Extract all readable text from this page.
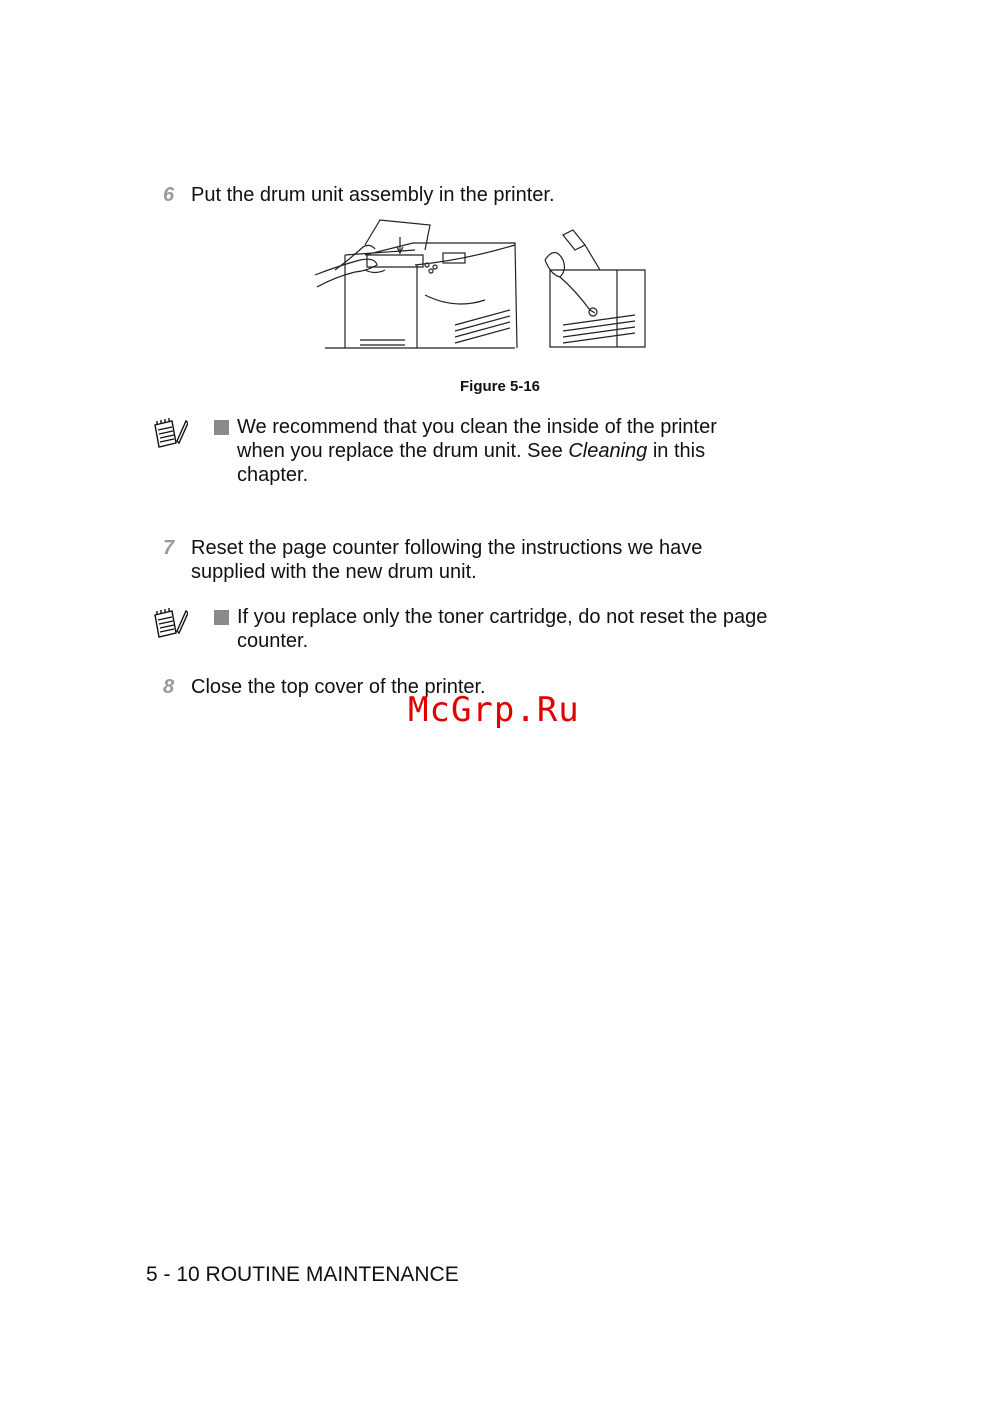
6 Put the drum unit assembly in the printer.
Figure 5-16
We recommend that you clean the inside of the printer
when you replace the drum unit. See Cleaning in this
chapter.
7 Reset the page counter following the instructions we have
supplied with the new drum unit.
If you replace only the toner cartridge, do not reset the page
counter.
8 Close the top cover of the printer.
McGrp.Ru
5 - 10 ROUTINE MAINTENANCE
